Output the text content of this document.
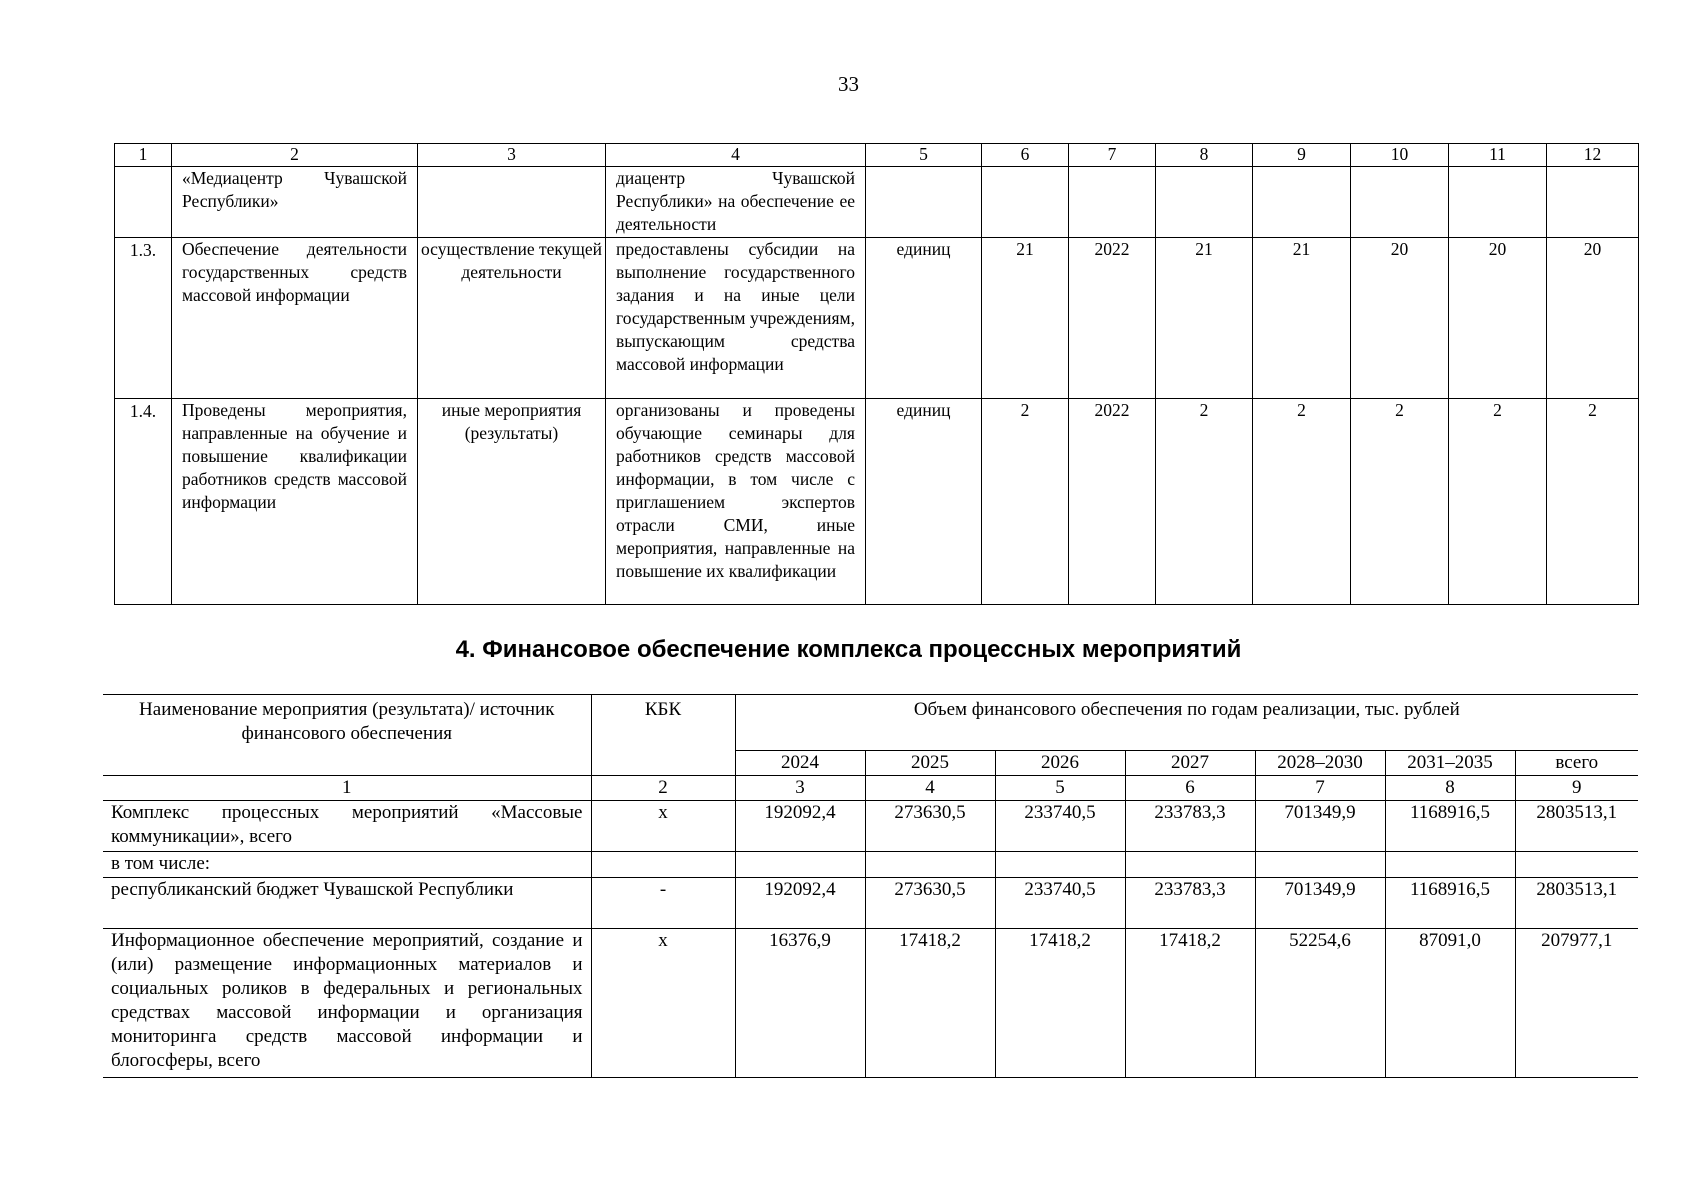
33
1	2	3	4	5	6	7	8	9	10	11	12
	«Медиацентр Чувашской Республики»		диацентр Чувашской Республики» на обеспечение ее деятельности								
1.3.	Обеспечение деятельности государственных средств массовой информации	осуществление текущей деятельности	предоставлены субсидии на выполнение государственного задания и на иные цели государственным учреждениям, выпускающим средства массовой информации	единиц	21	2022	21	21	20	20	20
1.4.	Проведены мероприятия, направленные на обучение и повышение квалификации работников средств массовой информации	иные мероприятия (результаты)	организованы и проведены обучающие семинары для работников средств массовой информации, в том числе с приглашением экспертов отрасли СМИ, иные мероприятия, направленные на повышение их квалификации	единиц	2	2022	2	2	2	2	2
4. Финансовое обеспечение комплекса процессных мероприятий
Наименование мероприятия (результата)/ источник финансового обеспечения	КБК	Объем финансового обеспечения по годам реализации, тыс. рублей						
		2024	2025	2026	2027	2028–2030	2031–2035	всего
1	2	3	4	5	6	7	8	9
Комплекс процессных мероприятий «Массовые коммуникации», всего	х	192092,4	273630,5	233740,5	233783,3	701349,9	1168916,5	2803513,1
в том числе:								
республиканский бюджет Чувашской Республики	-	192092,4	273630,5	233740,5	233783,3	701349,9	1168916,5	2803513,1
Информационное обеспечение мероприятий, создание и (или) размещение информационных материалов и социальных роликов в федеральных и региональных средствах массовой информации и организация мониторинга средств массовой информации и блогосферы, всего	х	16376,9	17418,2	17418,2	17418,2	52254,6	87091,0	207977,1
